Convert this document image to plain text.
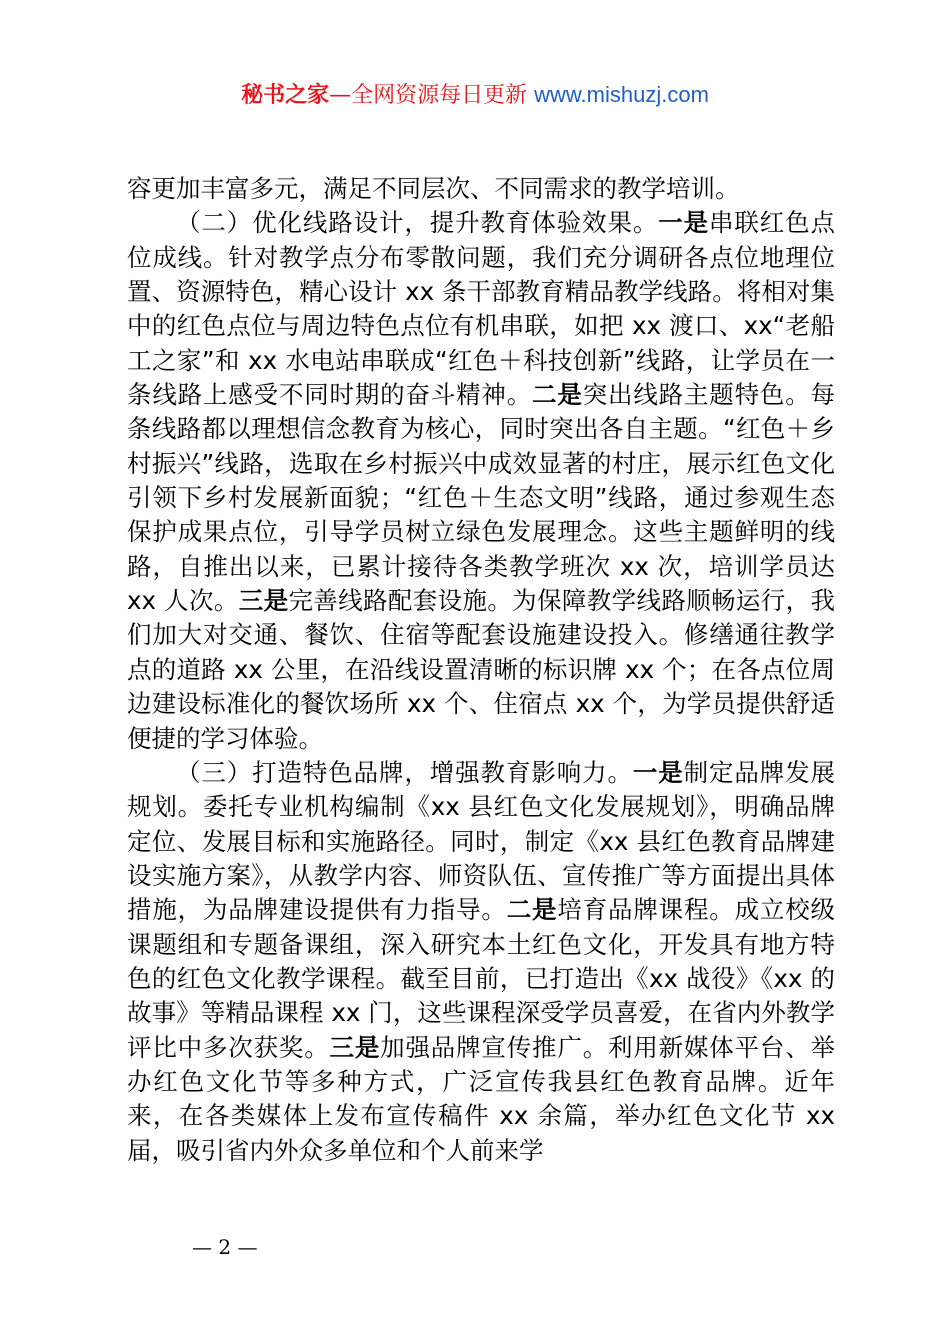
秘书之家—全网资源每日更新 www.mishuzj.com

容更加丰富多元，满足不同层次、不同需求的教学培训。

（二）优化线路设计，提升教育体验效果。一是串联红色点位成线。针对教学点分布零散问题，我们充分调研各点位地理位置、资源特色，精心设计 xx 条干部教育精品教学线路。将相对集中的红色点位与周边特色点位有机串联，如把 xx 渡口、xx“老船工之家”和 xx 水电站串联成“红色＋科技创新”线路，让学员在一条线路上感受不同时期的奋斗精神。二是突出线路主题特色。每条线路都以理想信念教育为核心，同时突出各自主题。“红色＋乡村振兴”线路，选取在乡村振兴中成效显著的村庄，展示红色文化引领下乡村发展新面貌；“红色＋生态文明”线路，通过参观生态保护成果点位，引导学员树立绿色发展理念。这些主题鲜明的线路，自推出以来，已累计接待各类教学班次 xx 次，培训学员达 xx 人次。三是完善线路配套设施。为保障教学线路顺畅运行，我们加大对交通、餐饮、住宿等配套设施建设投入。修缮通往教学点的道路 xx 公里，在沿线设置清晰的标识牌 xx 个；在各点位周边建设标准化的餐饮场所 xx 个、住宿点 xx 个，为学员提供舒适便捷的学习体验。

（三）打造特色品牌，增强教育影响力。一是制定品牌发展规划。委托专业机构编制《xx 县红色文化发展规划》，明确品牌定位、发展目标和实施路径。同时，制定《xx 县红色教育品牌建设实施方案》，从教学内容、师资队伍、宣传推广等方面提出具体措施，为品牌建设提供有力指导。二是培育品牌课程。成立校级课题组和专题备课组，深入研究本土红色文化，开发具有地方特色的红色文化教学课程。截至目前，已打造出《xx 战役》《xx 的故事》等精品课程 xx 门，这些课程深受学员喜爱，在省内外教学评比中多次获奖。三是加强品牌宣传推广。利用新媒体平台、举办红色文化节等多种方式，广泛宣传我县红色教育品牌。近年来，在各类媒体上发布宣传稿件 xx 余篇，举办红色文化节 xx 届，吸引省内外众多单位和个人前来学

— 2 —
